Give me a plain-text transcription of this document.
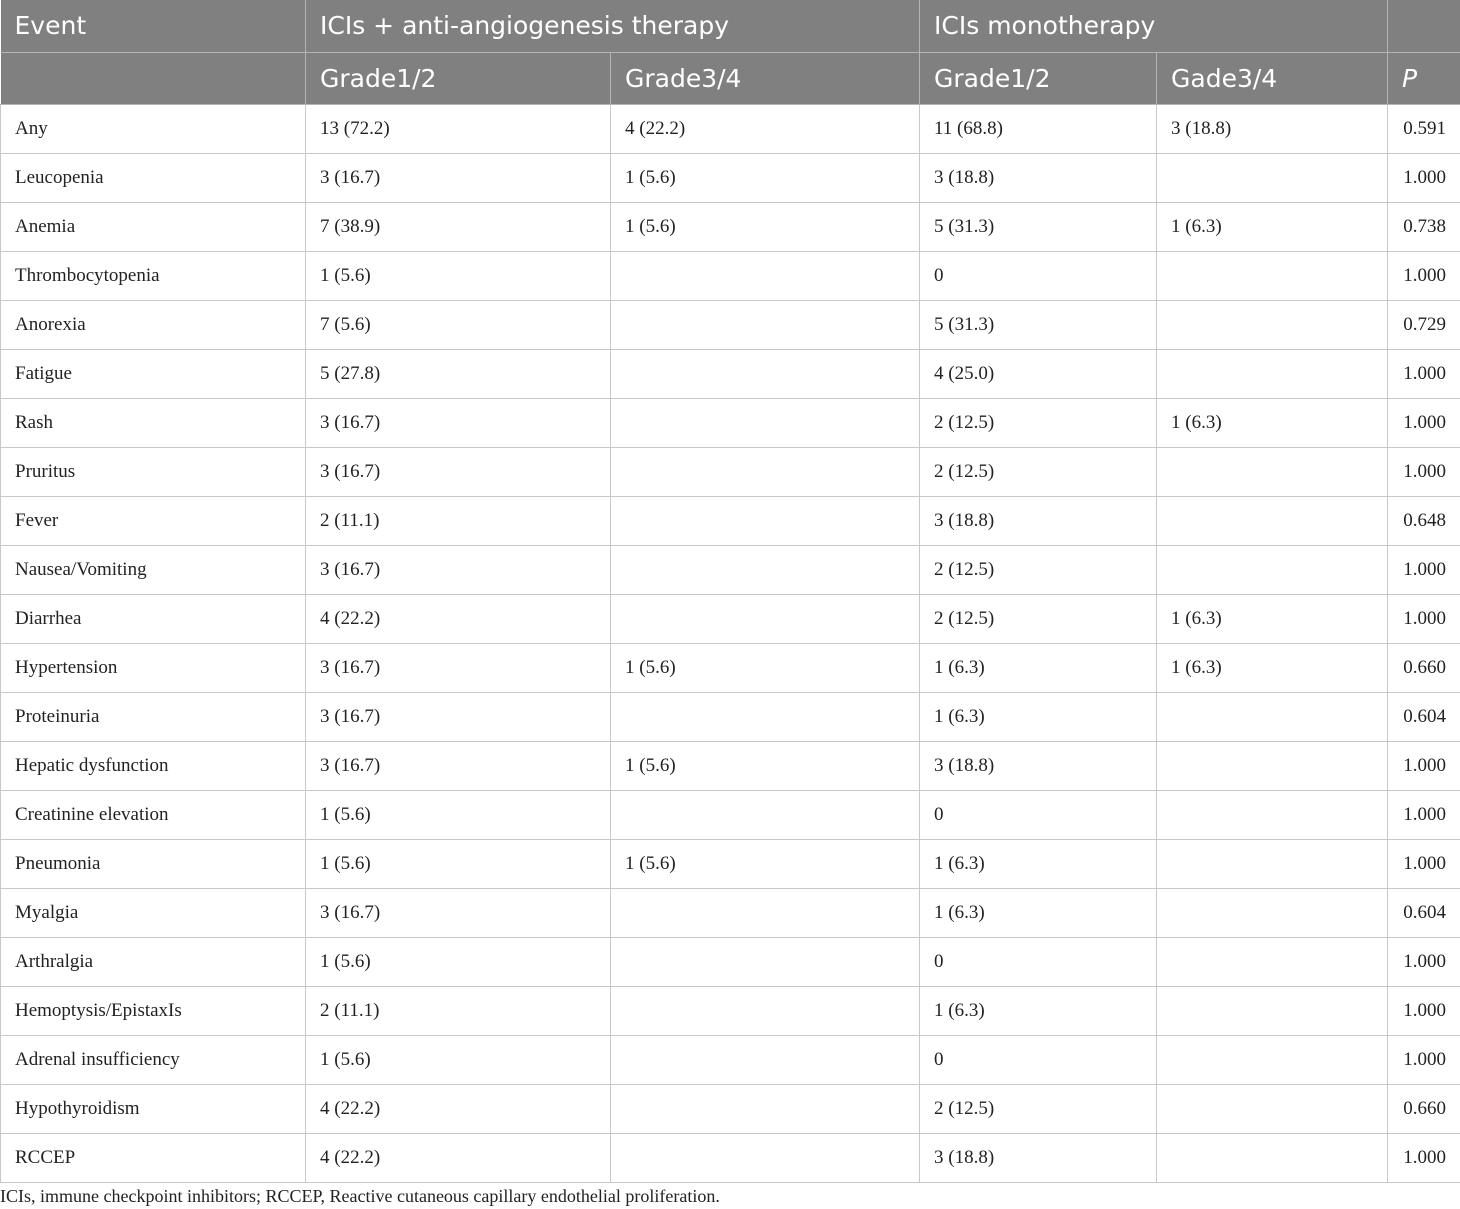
Event	ICIs + anti-angiogenesis therapy		ICIs monotherapy		
	Grade1/2	Grade3/4	Grade1/2	Gade3/4	P
Any	13 (72.2)	4 (22.2)	11 (68.8)	3 (18.8)	0.591
Leucopenia	3 (16.7)	1 (5.6)	3 (18.8)		1.000
Anemia	7 (38.9)	1 (5.6)	5 (31.3)	1 (6.3)	0.738
Thrombocytopenia	1 (5.6)		0		1.000
Anorexia	7 (5.6)		5 (31.3)		0.729
Fatigue	5 (27.8)		4 (25.0)		1.000
Rash	3 (16.7)		2 (12.5)	1 (6.3)	1.000
Pruritus	3 (16.7)		2 (12.5)		1.000
Fever	2 (11.1)		3 (18.8)		0.648
Nausea/Vomiting	3 (16.7)		2 (12.5)		1.000
Diarrhea	4 (22.2)		2 (12.5)	1 (6.3)	1.000
Hypertension	3 (16.7)	1 (5.6)	1 (6.3)	1 (6.3)	0.660
Proteinuria	3 (16.7)		1 (6.3)		0.604
Hepatic dysfunction	3 (16.7)	1 (5.6)	3 (18.8)		1.000
Creatinine elevation	1 (5.6)		0		1.000
Pneumonia	1 (5.6)	1 (5.6)	1 (6.3)		1.000
Myalgia	3 (16.7)		1 (6.3)		0.604
Arthralgia	1 (5.6)		0		1.000
Hemoptysis/EpistaxIs	2 (11.1)		1 (6.3)		1.000
Adrenal insufficiency	1 (5.6)		0		1.000
Hypothyroidism	4 (22.2)		2 (12.5)		0.660
RCCEP	4 (22.2)		3 (18.8)		1.000
ICIs, immune checkpoint inhibitors; RCCEP, Reactive cutaneous capillary endothelial proliferation.
